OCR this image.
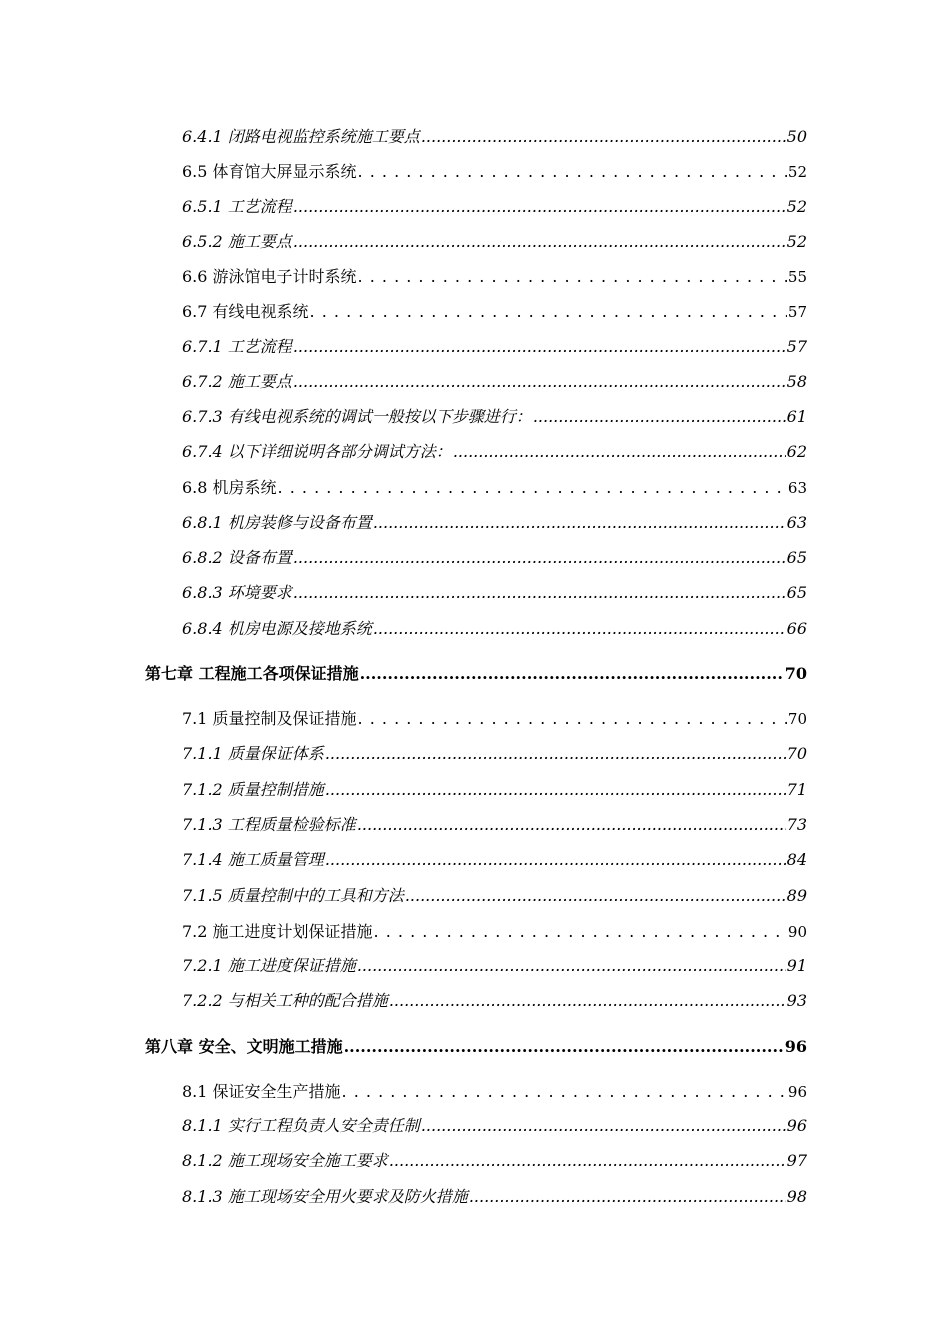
6.4.1 闭路电视监控系统施工要点 .....	50
6.5 体育馆大屏显示系统 . . .	52
6.5.1 工艺流程 .....	52
6.5.2 施工要点 .....	52
6.6 游泳馆电子计时系统 . . .	55
6.7 有线电视系统 . . .	57
6.7.1 工艺流程 .....	57
6.7.2 施工要点 .....	58
6.7.3 有线电视系统的调试一般按以下步骤进行： .....	61
6.7.4 以下详细说明各部分调试方法： .....	62
6.8 机房系统 . . .	63
6.8.1 机房装修与设备布置 .....	63
6.8.2 设备布置 .....	65
6.8.3 环境要求 .....	65
6.8.4 机房电源及接地系统 .....	66
第七章 工程施工各项保证措施 .....	70
7.1 质量控制及保证措施 . . .	70
7.1.1 质量保证体系 .....	70
7.1.2 质量控制措施 .....	71
7.1.3 工程质量检验标准 .....	73
7.1.4 施工质量管理 .....	84
7.1.5 质量控制中的工具和方法 .....	89
7.2 施工进度计划保证措施 . . .	90
7.2.1 施工进度保证措施 .....	91
7.2.2 与相关工种的配合措施 .....	93
第八章 安全、文明施工措施 .....	96
8.1 保证安全生产措施 . . .	96
8.1.1 实行工程负责人安全责任制 .....	96
8.1.2 施工现场安全施工要求 .....	97
8.1.3 施工现场安全用火要求及防火措施 .....	98
